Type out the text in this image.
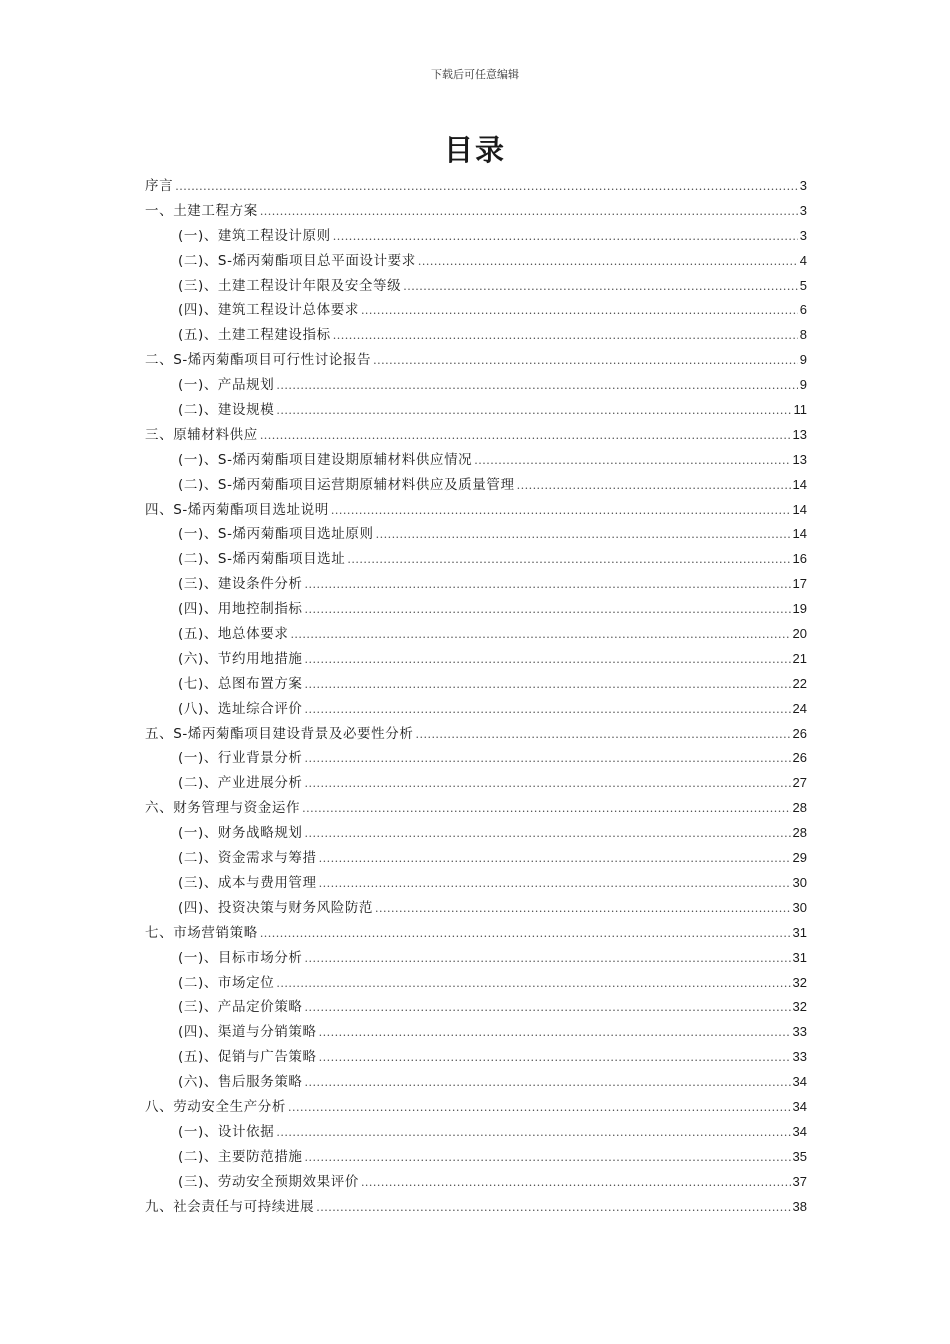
下载后可任意编辑
目录
序言 .....	3
一、土建工程方案 .....	3
(一)、建筑工程设计原则 .....	3
(二)、S-烯丙菊酯项目总平面设计要求 .....	4
(三)、土建工程设计年限及安全等级 .....	5
(四)、建筑工程设计总体要求 .....	6
(五)、土建工程建设指标 .....	8
二、S-烯丙菊酯项目可行性讨论报告 .....	9
(一)、产品规划 .....	9
(二)、建设规模 .....	11
三、原辅材料供应 .....	13
(一)、S-烯丙菊酯项目建设期原辅材料供应情况 .....	13
(二)、S-烯丙菊酯项目运营期原辅材料供应及质量管理 .....	14
四、S-烯丙菊酯项目选址说明 .....	14
(一)、S-烯丙菊酯项目选址原则 .....	14
(二)、S-烯丙菊酯项目选址 .....	16
(三)、建设条件分析 .....	17
(四)、用地控制指标 .....	19
(五)、地总体要求 .....	20
(六)、节约用地措施 .....	21
(七)、总图布置方案 .....	22
(八)、选址综合评价 .....	24
五、S-烯丙菊酯项目建设背景及必要性分析 .....	26
(一)、行业背景分析 .....	26
(二)、产业进展分析 .....	27
六、财务管理与资金运作 .....	28
(一)、财务战略规划 .....	28
(二)、资金需求与筹措 .....	29
(三)、成本与费用管理 .....	30
(四)、投资决策与财务风险防范 .....	30
七、市场营销策略 .....	31
(一)、目标市场分析 .....	31
(二)、市场定位 .....	32
(三)、产品定价策略 .....	32
(四)、渠道与分销策略 .....	33
(五)、促销与广告策略 .....	33
(六)、售后服务策略 .....	34
八、劳动安全生产分析 .....	34
(一)、设计依据 .....	34
(二)、主要防范措施 .....	35
(三)、劳动安全预期效果评价 .....	37
九、社会责任与可持续进展 .....	38
